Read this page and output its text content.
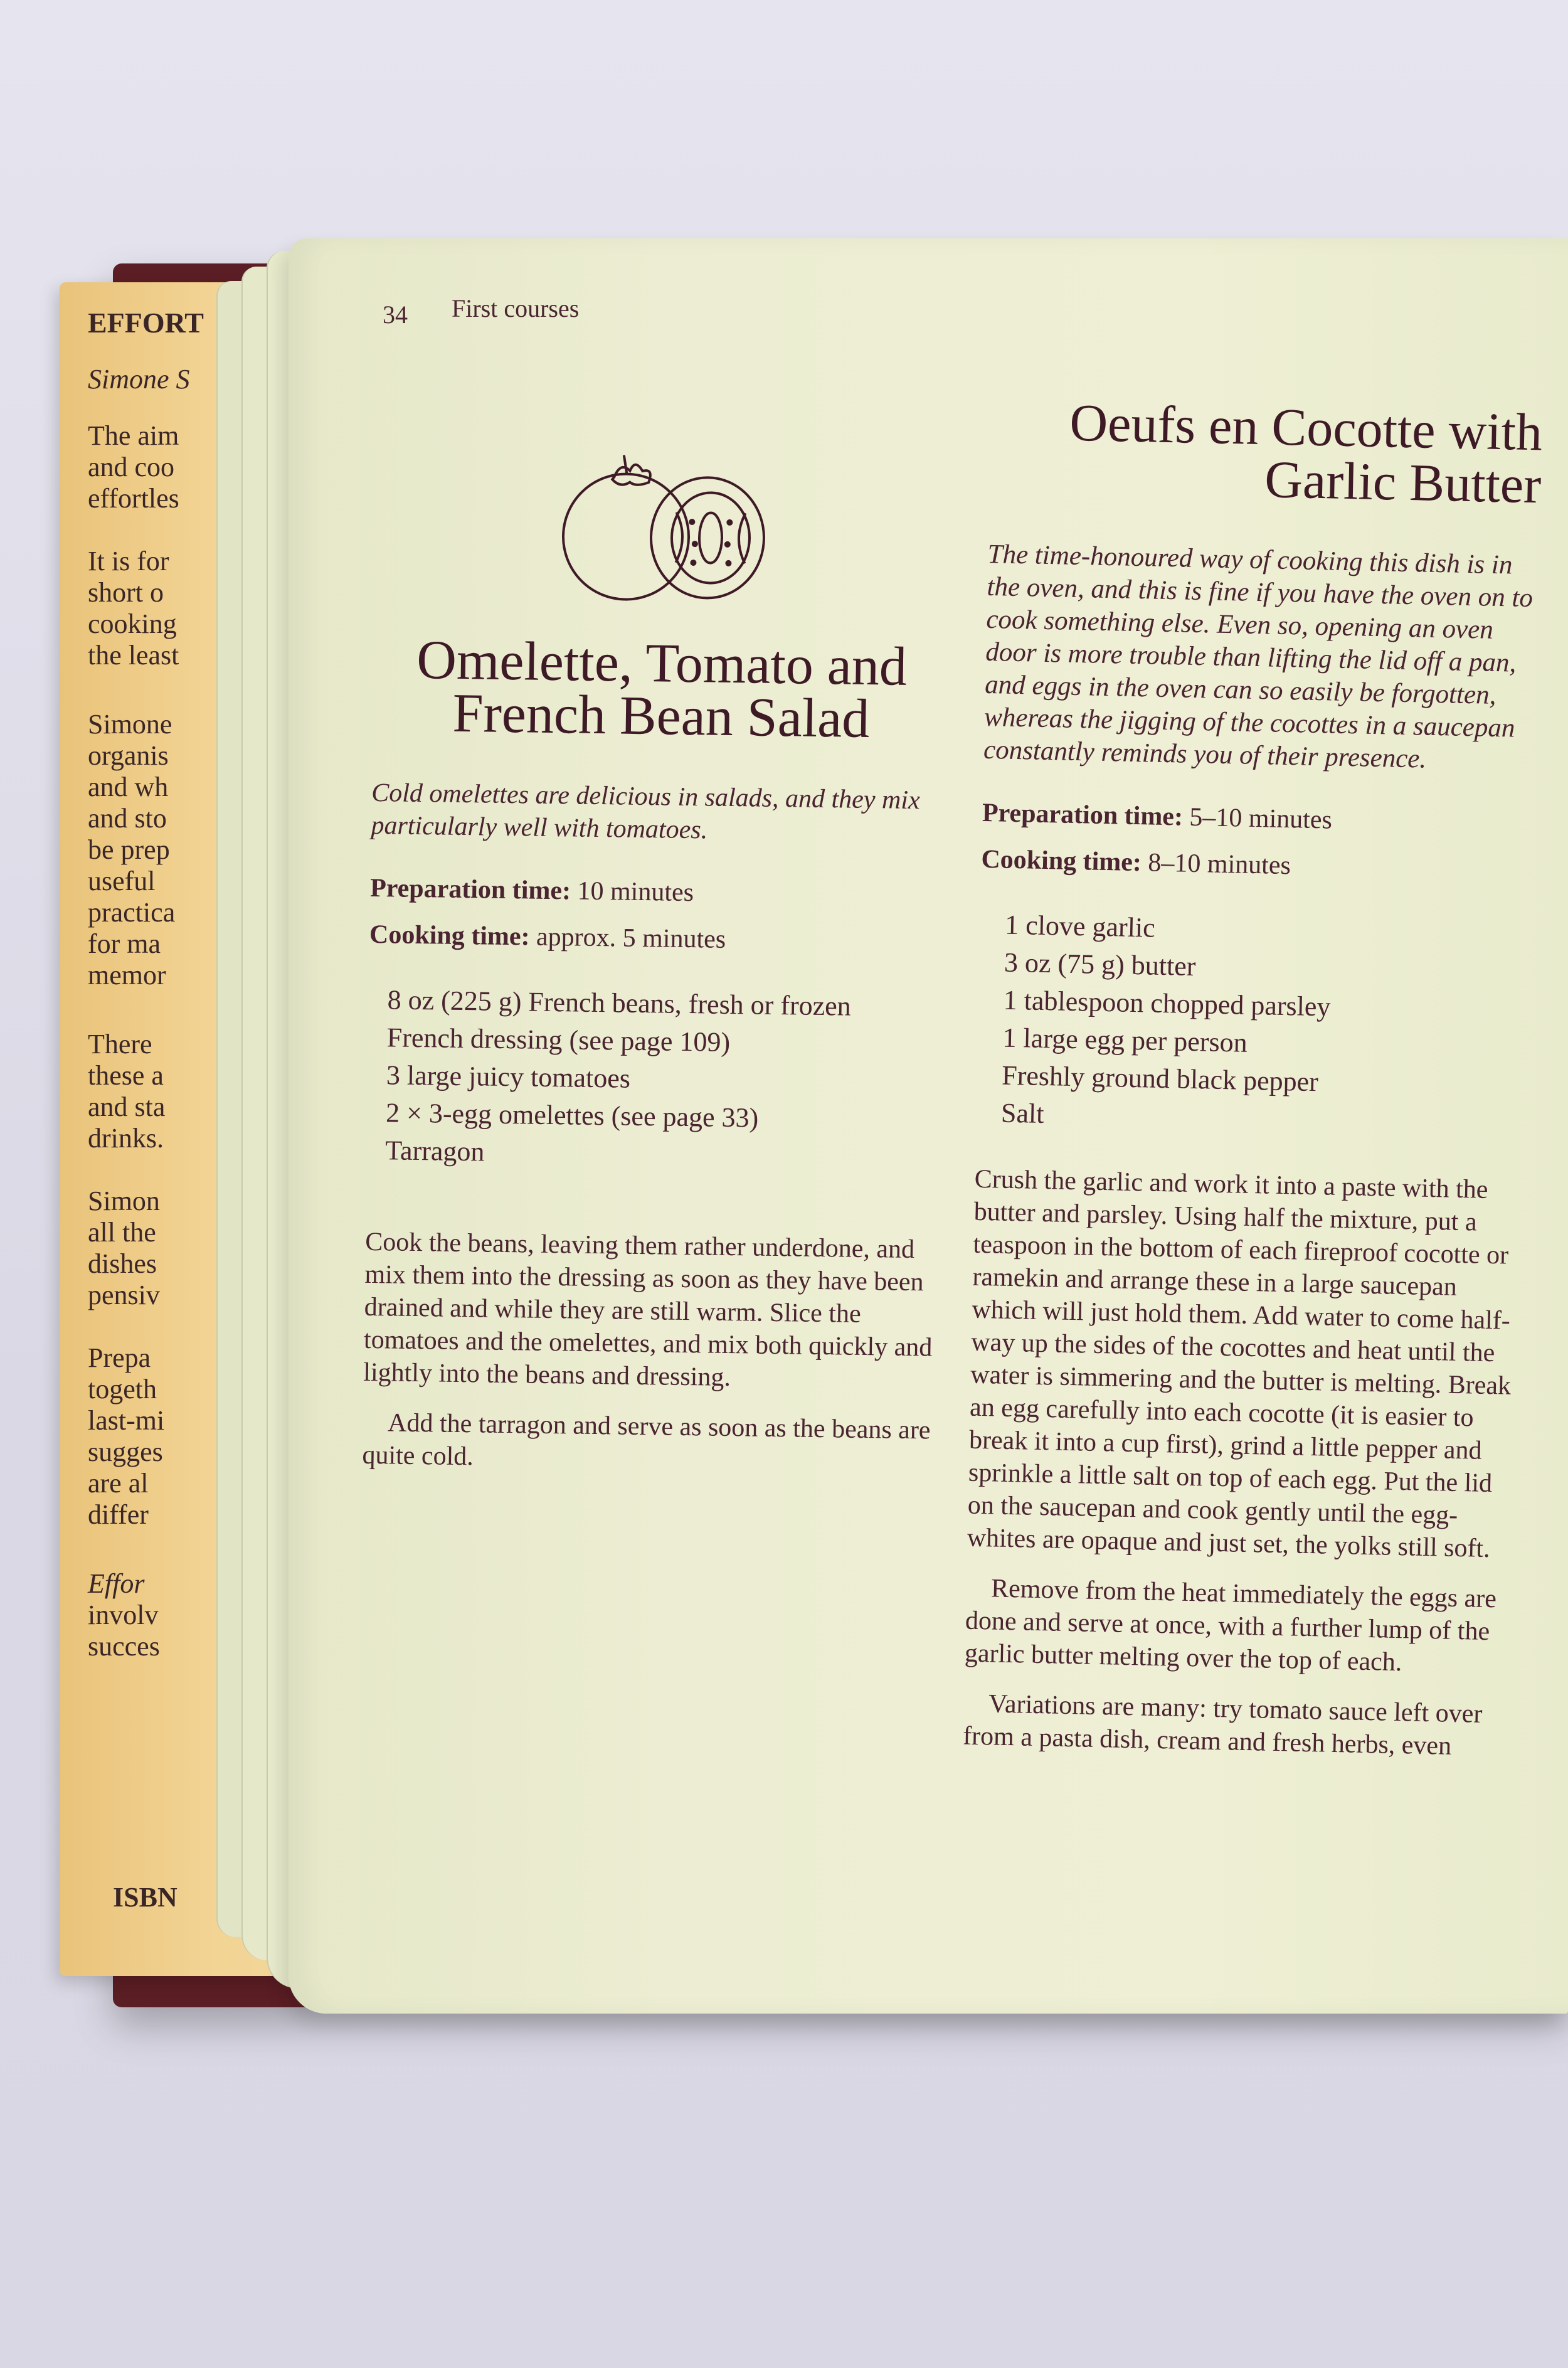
EFFORT
Simone S
The aim
and coo
effortles
It is for
short o
cooking
the least
Simone
organis
and wh
and sto
be prep
useful
practica
for ma
memor
There
these a
and sta
drinks.
Simon
all the
dishes
pensiv
Prepa
togeth
last-mi
sugges
are al
differ
Effor
involv
succes
ISBN
34 First courses
Omelette, Tomato and
French Bean Salad

Cold omelettes are delicious in salads, and they mix particularly well with tomatoes.

Preparation time: 10 minutes

Cooking time: approx. 5 minutes

8 oz (225 g) French beans, fresh or frozen
French dressing (see page 109)
3 large juicy tomatoes
2 × 3-egg omelettes (see page 33)
Tarragon

Cook the beans, leaving them rather underdone, and mix them into the dressing as soon as they have been drained and while they are still warm. Slice the tomatoes and the omelettes, and mix both quickly and lightly into the beans and dressing.

Add the tarragon and serve as soon as the beans are quite cold.

Oeufs en Cocotte with
Garlic Butter

The time-honoured way of cooking this dish is in the oven, and this is fine if you have the oven on to cook something else. Even so, opening an oven door is more trouble than lifting the lid off a pan, and eggs in the oven can so easily be forgotten, whereas the jigging of the cocottes in a saucepan constantly reminds you of their presence.

Preparation time: 5–10 minutes

Cooking time: 8–10 minutes

1 clove garlic
3 oz (75 g) butter
1 tablespoon chopped parsley
1 large egg per person
Freshly ground black pepper
Salt

Crush the garlic and work it into a paste with the butter and parsley. Using half the mixture, put a teaspoon in the bottom of each fireproof cocotte or ramekin and arrange these in a large saucepan which will just hold them. Add water to come half-way up the sides of the cocottes and heat until the water is simmering and the butter is melting. Break an egg carefully into each cocotte (it is easier to break it into a cup first), grind a little pepper and sprinkle a little salt on top of each egg. Put the lid on the saucepan and cook gently until the egg-whites are opaque and just set, the yolks still soft.

Remove from the heat immediately the eggs are done and serve at once, with a further lump of the garlic butter melting over the top of each.

Variations are many: try tomato sauce left over from a pasta dish, cream and fresh herbs, even
